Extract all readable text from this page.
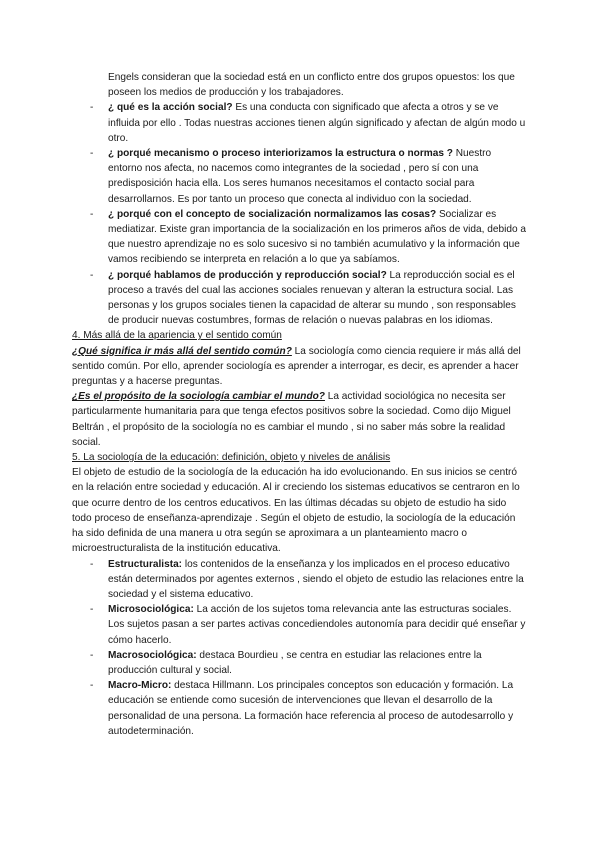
Engels consideran que la sociedad está en un conflicto entre dos grupos opuestos: los que poseen los medios de producción y los trabajadores.

- ¿ qué es la acción social? Es una conducta con significado que afecta a otros y se ve influida por ello . Todas nuestras acciones tienen algún significado y afectan de algún modo u otro.
- ¿ porqué mecanismo o proceso interiorizamos la estructura o normas ? Nuestro entorno nos afecta, no nacemos como integrantes de la sociedad , pero sí con una predisposición hacia ella. Los seres humanos necesitamos el contacto social para desarrollarnos. Es por tanto un proceso que conecta al individuo con la sociedad.
- ¿ porqué con el concepto de socialización normalizamos las cosas? Socializar es mediatizar. Existe gran importancia de la socialización en los primeros años de vida, debido a que nuestro aprendizaje no es solo sucesivo si no también acumulativo y la información que vamos recibiendo se interpreta en relación a lo que ya sabíamos.
- ¿ porqué hablamos de producción y reproducción social? La reproducción social es el proceso a través del cual las acciones sociales renuevan y alteran la estructura social. Las personas y los grupos sociales tienen la capacidad de alterar su mundo , son responsables de producir nuevas costumbres, formas de relación o nuevas palabras en los idiomas.

4. Más allá de la apariencia y el sentido común

¿Qué significa ir más allá del sentido común? La sociología como ciencia requiere ir más allá del sentido común. Por ello, aprender sociología es aprender a interrogar, es decir, es aprender a hacer preguntas y a hacerse preguntas.

¿Es el propósito de la sociología cambiar el mundo? La actividad sociológica no necesita ser particularmente humanitaria para que tenga efectos positivos sobre la sociedad. Como dijo Miguel Beltrán , el propósito de la sociología no es cambiar el mundo , si no saber más sobre la realidad social.

5. La sociología de la educación: definición, objeto y niveles de análisis

El objeto de estudio de la sociología de la educación ha ido evolucionando. En sus inicios se centró en la relación entre sociedad y educación. Al ir creciendo los sistemas educativos se centraron en lo que ocurre dentro de los centros educativos. En las últimas décadas su objeto de estudio ha sido todo proceso de enseñanza-aprendizaje . Según el objeto de estudio, la sociología de la educación ha sido definida de una manera u otra según se aproximara a un planteamiento macro o microestructuralista de la institución educativa.

- Estructuralista: los contenidos de la enseñanza y los implicados en el proceso educativo están determinados por agentes externos , siendo el objeto de estudio las relaciones entre la sociedad y el sistema educativo.
- Microsociológica: La acción de los sujetos toma relevancia ante las estructuras sociales. Los sujetos pasan a ser partes activas concediendoles autonomía para decidir qué enseñar y cómo hacerlo.
- Macrosociológica: destaca Bourdieu , se centra en estudiar las relaciones entre la producción cultural y social.
- Macro-Micro: destaca Hillmann. Los principales conceptos son educación y formación. La educación se entiende como sucesión de intervenciones que llevan el desarrollo de la personalidad de una persona. La formación hace referencia al proceso de autodesarrollo y autodeterminación.
